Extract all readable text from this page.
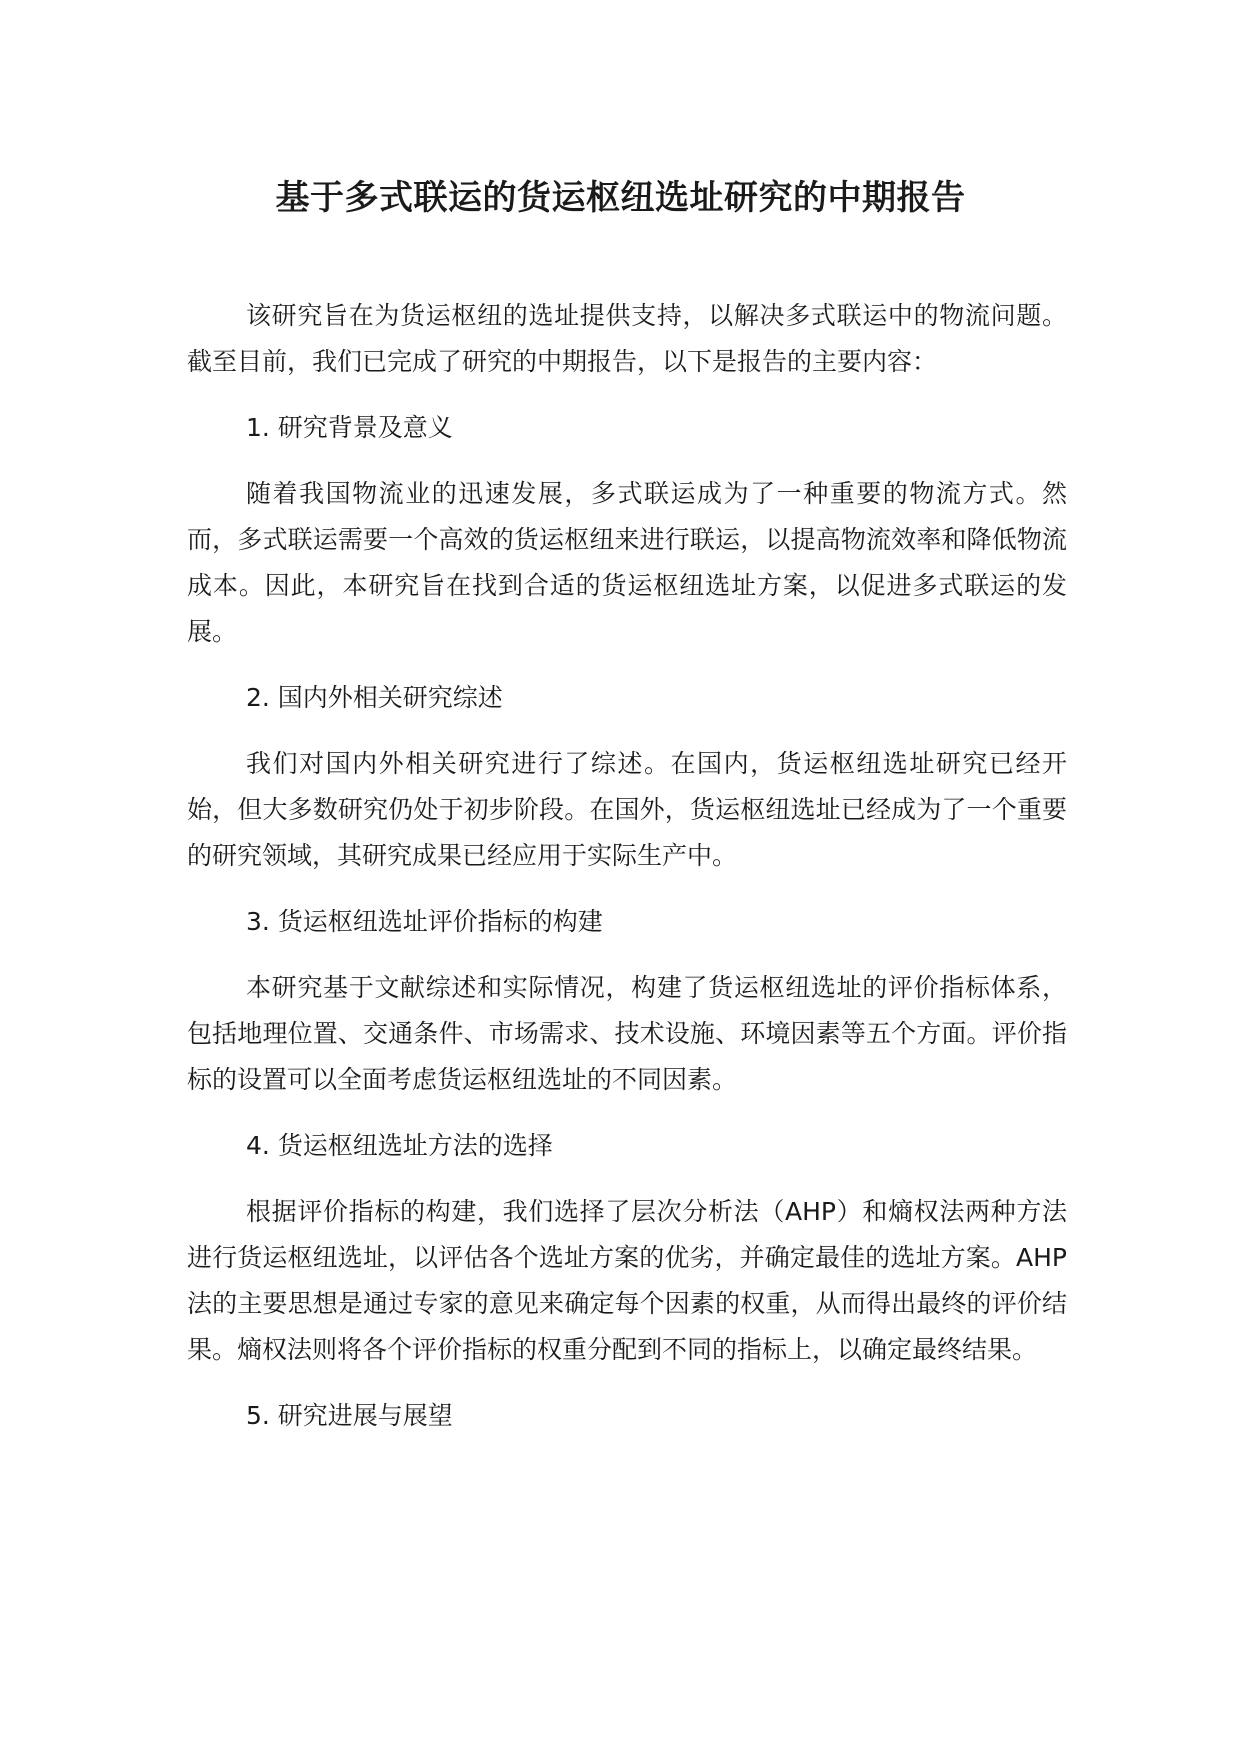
基于多式联运的货运枢纽选址研究的中期报告

该研究旨在为货运枢纽的选址提供支持，以解决多式联运中的物流问题。截至目前，我们已完成了研究的中期报告，以下是报告的主要内容：

1. 研究背景及意义

随着我国物流业的迅速发展，多式联运成为了一种重要的物流方式。然而，多式联运需要一个高效的货运枢纽来进行联运，以提高物流效率和降低物流成本。因此，本研究旨在找到合适的货运枢纽选址方案，以促进多式联运的发展。

2. 国内外相关研究综述

我们对国内外相关研究进行了综述。在国内，货运枢纽选址研究已经开始，但大多数研究仍处于初步阶段。在国外，货运枢纽选址已经成为了一个重要的研究领域，其研究成果已经应用于实际生产中。

3. 货运枢纽选址评价指标的构建

本研究基于文献综述和实际情况，构建了货运枢纽选址的评价指标体系，包括地理位置、交通条件、市场需求、技术设施、环境因素等五个方面。评价指标的设置可以全面考虑货运枢纽选址的不同因素。

4. 货运枢纽选址方法的选择

根据评价指标的构建，我们选择了层次分析法（AHP）和熵权法两种方法进行货运枢纽选址，以评估各个选址方案的优劣，并确定最佳的选址方案。AHP 法的主要思想是通过专家的意见来确定每个因素的权重，从而得出最终的评价结果。熵权法则将各个评价指标的权重分配到不同的指标上，以确定最终结果。

5. 研究进展与展望
